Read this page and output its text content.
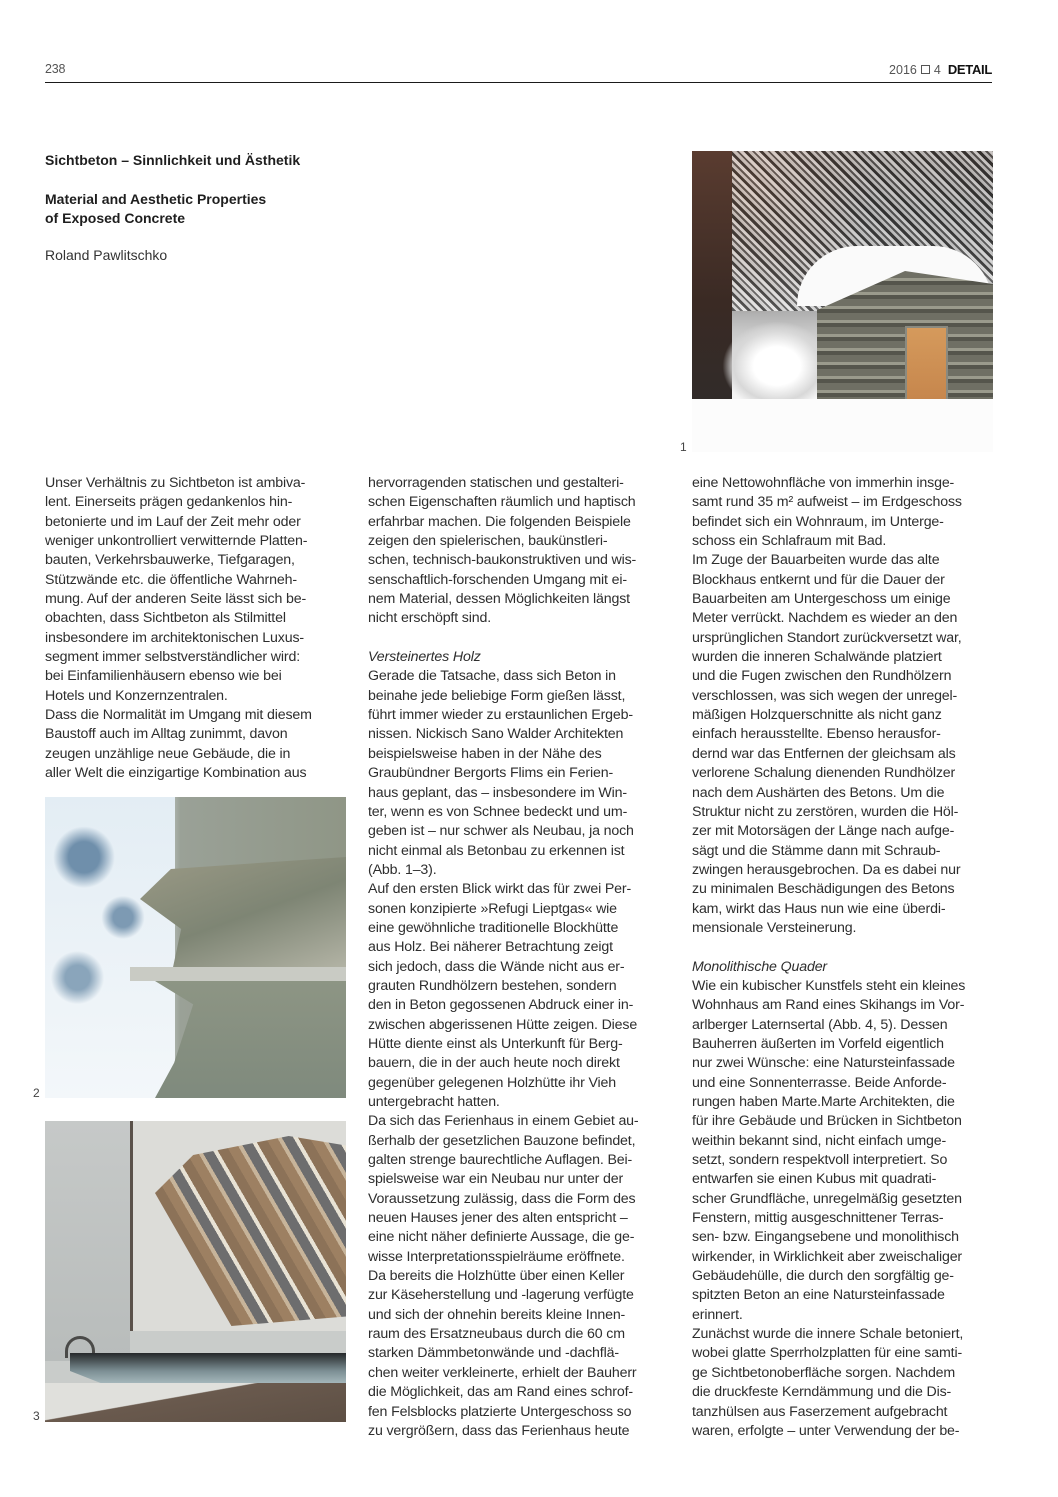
238	2016 4 DETAIL
Sichtbeton – Sinnlichkeit und Ästhetik
Material and Aesthetic Properties
of Exposed Concrete
Roland Pawlitschko
1
2
3

Unser Verhältnis zu Sichtbeton ist ambiva-
lent. Einerseits prägen gedankenlos hin-
betonierte und im Lauf der Zeit mehr oder
weniger unkontrolliert verwitternde Platten-
bauten, Verkehrsbauwerke, Tiefgaragen,
Stützwände etc. die öffentliche Wahrneh-
mung. Auf der anderen Seite lässt sich be-
obachten, dass Sichtbeton als Stilmittel
insbesondere im architektonischen Luxus-
segment immer selbstverständlicher wird:
bei Einfamilienhäusern ebenso wie bei
Hotels und Konzernzentralen.
Dass die Normalität im Umgang mit diesem
Baustoff auch im Alltag zunimmt, davon
zeugen unzählige neue Gebäude, die in
aller Welt die einzigartige Kombination aus

hervorragenden statischen und gestalteri-
schen Eigenschaften räumlich und haptisch
erfahrbar machen. Die folgenden Beispiele
zeigen den spielerischen, baukünstleri-
schen, technisch-baukonstruktiven und wis-
senschaftlich-forschenden Umgang mit ei-
nem Material, dessen Möglichkeiten längst
nicht erschöpft sind.

Versteinertes Holz

Gerade die Tatsache, dass sich Beton in
beinahe jede beliebige Form gießen lässt,
führt immer wieder zu erstaunlichen Ergeb-
nissen. Nickisch Sano Walder Architekten
beispielsweise haben in der Nähe des
Graubündner Bergorts Flims ein Ferien-
haus geplant, das – insbesondere im Win-
ter, wenn es von Schnee bedeckt und um-
geben ist – nur schwer als Neubau, ja noch
nicht einmal als Betonbau zu erkennen ist
(Abb. 1–3).
Auf den ersten Blick wirkt das für zwei Per-
sonen konzipierte »Refugi Lieptgas« wie
eine gewöhnliche traditionelle Blockhütte
aus Holz. Bei näherer Betrachtung zeigt
sich jedoch, dass die Wände nicht aus er-
grauten Rundhölzern bestehen, sondern
den in Beton gegossenen Abdruck einer in-
zwischen abgerissenen Hütte zeigen. Diese
Hütte diente einst als Unterkunft für Berg-
bauern, die in der auch heute noch direkt
gegenüber gelegenen Holzhütte ihr Vieh
untergebracht hatten.
Da sich das Ferienhaus in einem Gebiet au-
ßerhalb der gesetzlichen Bauzone befindet,
galten strenge baurechtliche Auflagen. Bei-
spielsweise war ein Neubau nur unter der
Voraussetzung zulässig, dass die Form des
neuen Hauses jener des alten entspricht –
eine nicht näher definierte Aussage, die ge-
wisse Interpretationsspielräume eröffnete.
Da bereits die Holzhütte über einen Keller
zur Käseherstellung und -lagerung verfügte
und sich der ohnehin bereits kleine Innen-
raum des Ersatzneubaus durch die 60 cm
starken Dämmbetonwände und -dachflä-
chen weiter verkleinerte, erhielt der Bauherr
die Möglichkeit, das am Rand eines schrof-
fen Felsblocks platzierte Untergeschoss so
zu vergrößern, dass das Ferienhaus heute

eine Nettowohnfläche von immerhin insge-
samt rund 35 m² aufweist – im Erdgeschoss
befindet sich ein Wohnraum, im Unterge-
schoss ein Schlafraum mit Bad.
Im Zuge der Bauarbeiten wurde das alte
Blockhaus entkernt und für die Dauer der
Bauarbeiten am Untergeschoss um einige
Meter verrückt. Nachdem es wieder an den
ursprünglichen Standort zurückversetzt war,
wurden die inneren Schalwände platziert
und die Fugen zwischen den Rundhölzern
verschlossen, was sich wegen der unregel-
mäßigen Holzquerschnitte als nicht ganz
einfach herausstellte. Ebenso herausfor-
dernd war das Entfernen der gleichsam als
verlorene Schalung dienenden Rundhölzer
nach dem Aushärten des Betons. Um die
Struktur nicht zu zerstören, wurden die Höl-
zer mit Motorsägen der Länge nach aufge-
sägt und die Stämme dann mit Schraub-
zwingen herausgebrochen. Da es dabei nur
zu minimalen Beschädigungen des Betons
kam, wirkt das Haus nun wie eine überdi-
mensionale Versteinerung.

Monolithische Quader

Wie ein kubischer Kunstfels steht ein kleines
Wohnhaus am Rand eines Skihangs im Vor-
arlberger Laternsertal (Abb. 4, 5). Dessen
Bauherren äußerten im Vorfeld eigentlich
nur zwei Wünsche: eine Natursteinfassade
und eine Sonnenterrasse. Beide Anforde-
rungen haben Marte.Marte Architekten, die
für ihre Gebäude und Brücken in Sichtbeton
weithin bekannt sind, nicht einfach umge-
setzt, sondern respektvoll interpretiert. So
entwarfen sie einen Kubus mit quadrati-
scher Grundfläche, unregelmäßig gesetzten
Fenstern, mittig ausgeschnittener Terras-
sen- bzw. Eingangsebene und monolithisch
wirkender, in Wirklichkeit aber zweischaliger
Gebäudehülle, die durch den sorgfältig ge-
spitzten Beton an eine Natursteinfassade
erinnert.
Zunächst wurde die innere Schale betoniert,
wobei glatte Sperrholzplatten für eine samti-
ge Sichtbetonoberfläche sorgen. Nachdem
die druckfeste Kerndämmung und die Dis-
tanzhülsen aus Faserzement aufgebracht
waren, erfolgte – unter Verwendung der be-
